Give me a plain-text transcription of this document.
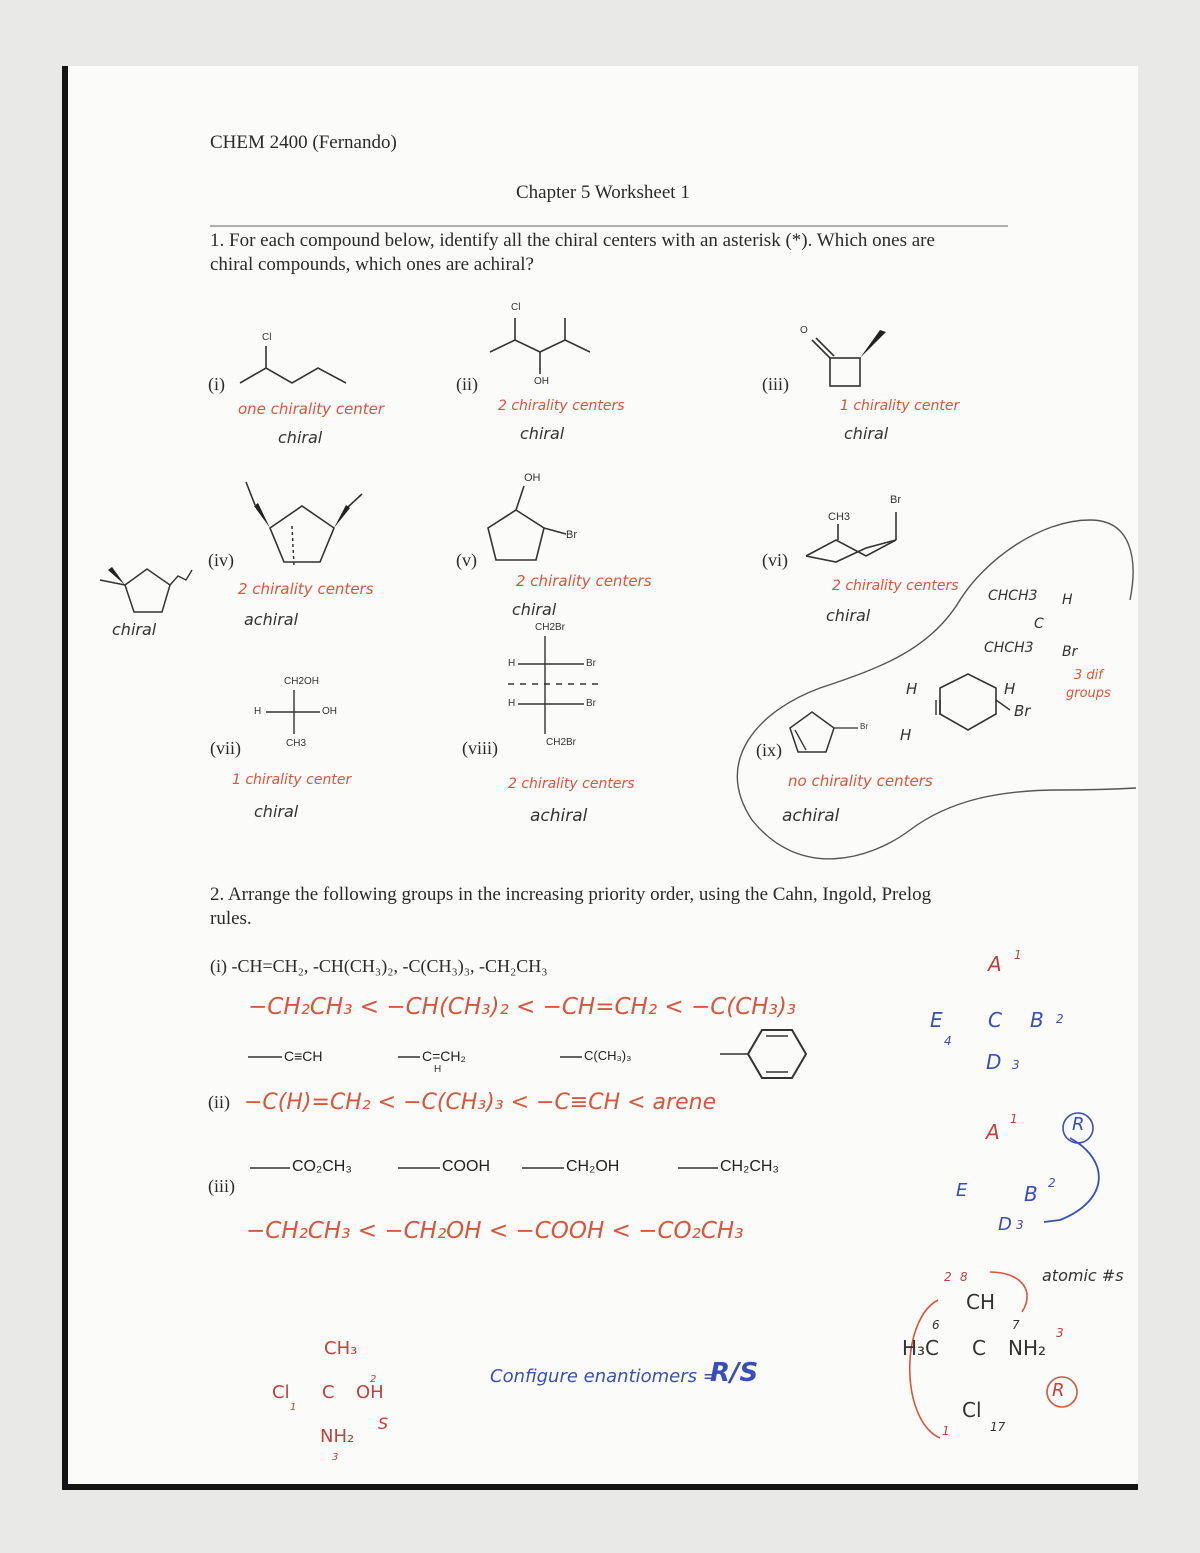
CHEM 2400 (Fernando)
Chapter 5 Worksheet 1
1. For each compound below, identify all the chiral centers with an asterisk (*). Which ones are
chiral compounds, which ones are achiral?
(i)
Cl
one chirality center
chiral
(ii)
Cl
OH
2 chirality centers
chiral
(iii)
O
1 chirality center
chiral
chiral
(iv)
2 chirality centers
achiral
(v)
OH
Br
2 chirality centers
chiral
(vi)
CH3
Br
2 chirality centers
chiral
(vii)
CH2OH
H	OH
CH3
1 chirality center
chiral
(viii)
CH2Br
H	Br
H	Br
CH2Br
2 chirality centers
achiral
(ix)
Br
no chirality centers
achiral
CHCH3 H
C
CHCH3 Br
3 dif
groups
H	H
H
Br
2. Arrange the following groups in the increasing priority order, using the Cahn, Ingold, Prelog
rules.
(i) -CH=CH₂, -CH(CH₃)₂, -C(CH₃)₃, -CH₂CH₃
−CH₂CH₃ < −CH(CH₃)₂ < −CH=CH₂ < −C(CH₃)₃
C≡CH	C=CH₂
H
C(CH₃)₃
(ii) −C(H)=CH₂ < −C(CH₃)₃ < −C≡CH < arene
(iii)
CO₂CH₃	COOH	CH₂OH	CH₂CH₃
−CH₂CH₃ < −CH₂OH < −COOH < −CO₂CH₃
CH₃
Cl C OH
NH₂
S
1
2
3
Configure enantiomers =
R/S
A 1
E C B 2
4
D 3
A
1
E	B 2
D 3
R
CH
H₃C C NH₂
Cl
atomic #s
R
8
6	7
17
2
3
1
